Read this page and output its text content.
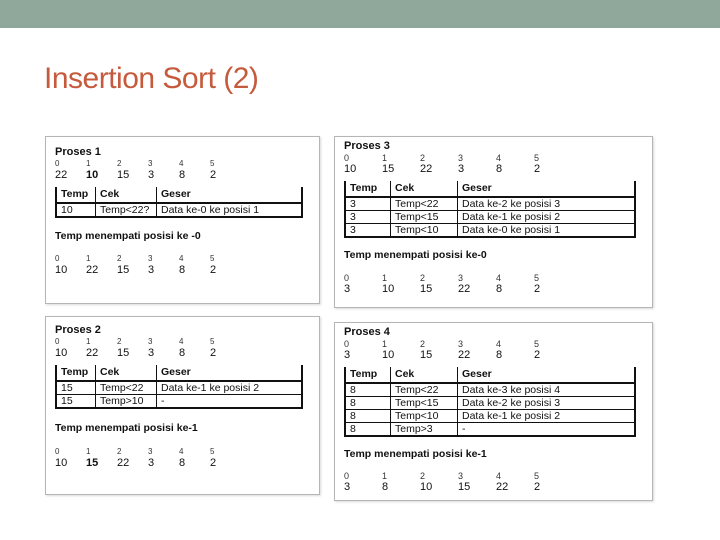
Insertion Sort (2)
Proses 1
0	1	2	3	4	5
22	10	15	3	8	2
Temp	Cek	Geser
10	Temp<22?	Data ke-0 ke posisi 1
Temp menempati posisi ke -0
0	1	2	3	4	5
10	22	15	3	8	2
Proses 2
0	1	2	3	4	5
10	22	15	3	8	2
Temp	Cek	Geser
15	Temp<22	Data ke-1 ke posisi 2
15	Temp>10	-
Temp menempati posisi ke-1
0	1	2	3	4	5
10	15	22	3	8	2
Proses 3
0	1	2	3	4	5
10	15	22	3	8	2
Temp	Cek	Geser
3	Temp<22	Data ke-2 ke posisi 3
3	Temp<15	Data ke-1 ke posisi 2
3	Temp<10	Data ke-0 ke posisi 1
Temp menempati posisi ke-0
0	1	2	3	4	5
3	10	15	22	8	2
Proses 4
0	1	2	3	4	5
3	10	15	22	8	2
Temp	Cek	Geser
8	Temp<22	Data ke-3 ke posisi 4
8	Temp<15	Data ke-2 ke posisi 3
8	Temp<10	Data ke-1 ke posisi 2
8	Temp>3	-
Temp menempati posisi ke-1
0	1	2	3	4	5
3	8	10	15	22	2
